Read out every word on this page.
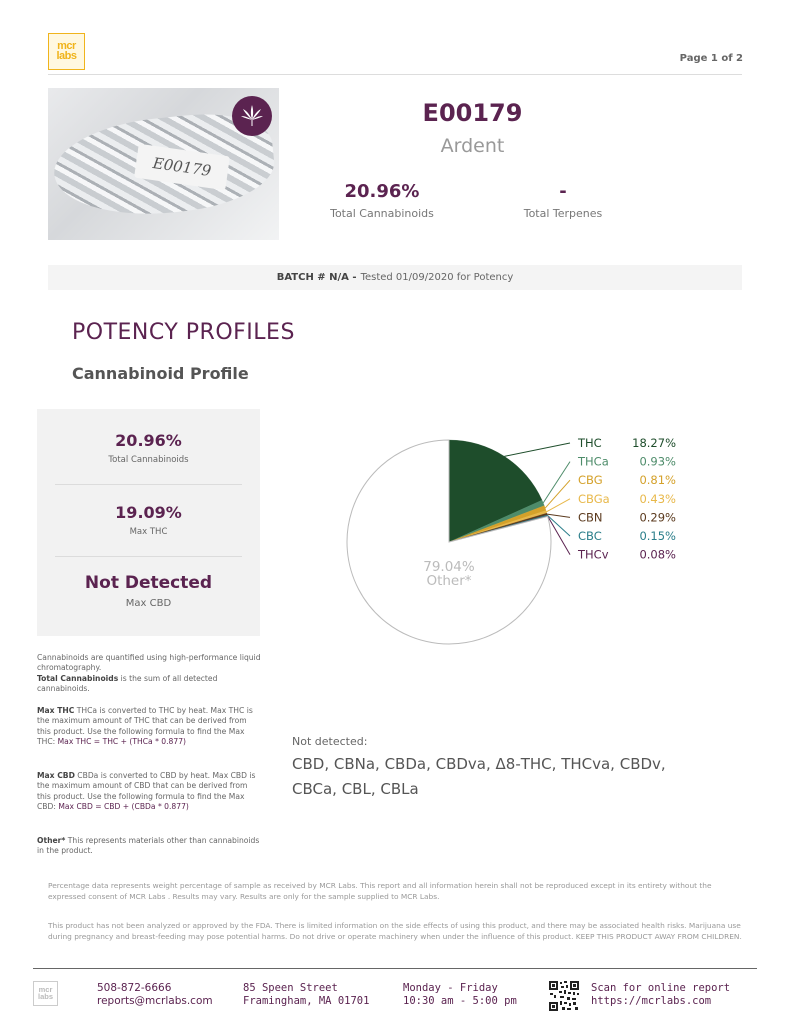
mcr
labs	Page 1 of 2
E00179
E00179
Ardent
20.96%
Total Cannabinoids
-
Total Terpenes
BATCH # N/A - Tested 01/09/2020 for Potency
POTENCY PROFILES
Cannabinoid Profile
20.96%
Total Cannabinoids
19.09%
Max THC
Not Detected
Max CBD
Cannabinoids are quantified using high-performance liquid chromatography.
Total Cannabinoids is the sum of all detected cannabinoids.
Max THC THCa is converted to THC by heat. Max THC is the maximum amount of THC that can be derived from this product. Use the following formula to find the Max THC: Max THC = THC + (THCa * 0.877)
Max CBD CBDa is converted to CBD by heat. Max CBD is the maximum amount of CBD that can be derived from this product. Use the following formula to find the Max CBD: Max CBD = CBD + (CBDa * 0.877)
Other* This represents materials other than cannabinoids in the product.
THC	18.27%
THCa	0.93%
CBG	0.81%
CBGa	0.43%
CBN	0.29%
CBC	0.15%
THCv	0.08%
79.04%
Other*
Not detected:
CBD, CBNa, CBDa, CBDva, Δ8-THC, THCva, CBDv, CBCa, CBL, CBLa
Percentage data represents weight percentage of sample as received by MCR Labs. This report and all information herein shall not be reproduced except in its entirety without the expressed consent of MCR Labs . Results may vary. Results are only for the sample supplied to MCR Labs.
This product has not been analyzed or approved by the FDA. There is limited information on the side effects of using this product, and there may be associated health risks. Marijuana use during pregnancy and breast-feeding may pose potential harms. Do not drive or operate machinery when under the influence of this product. KEEP THIS PRODUCT AWAY FROM CHILDREN.
mcr
labs
508-872-6666
reports@mcrlabs.com
85 Speen Street
Framingham, MA 01701
Monday - Friday
10:30 am - 5:00 pm
Scan for online report
https://mcrlabs.com
